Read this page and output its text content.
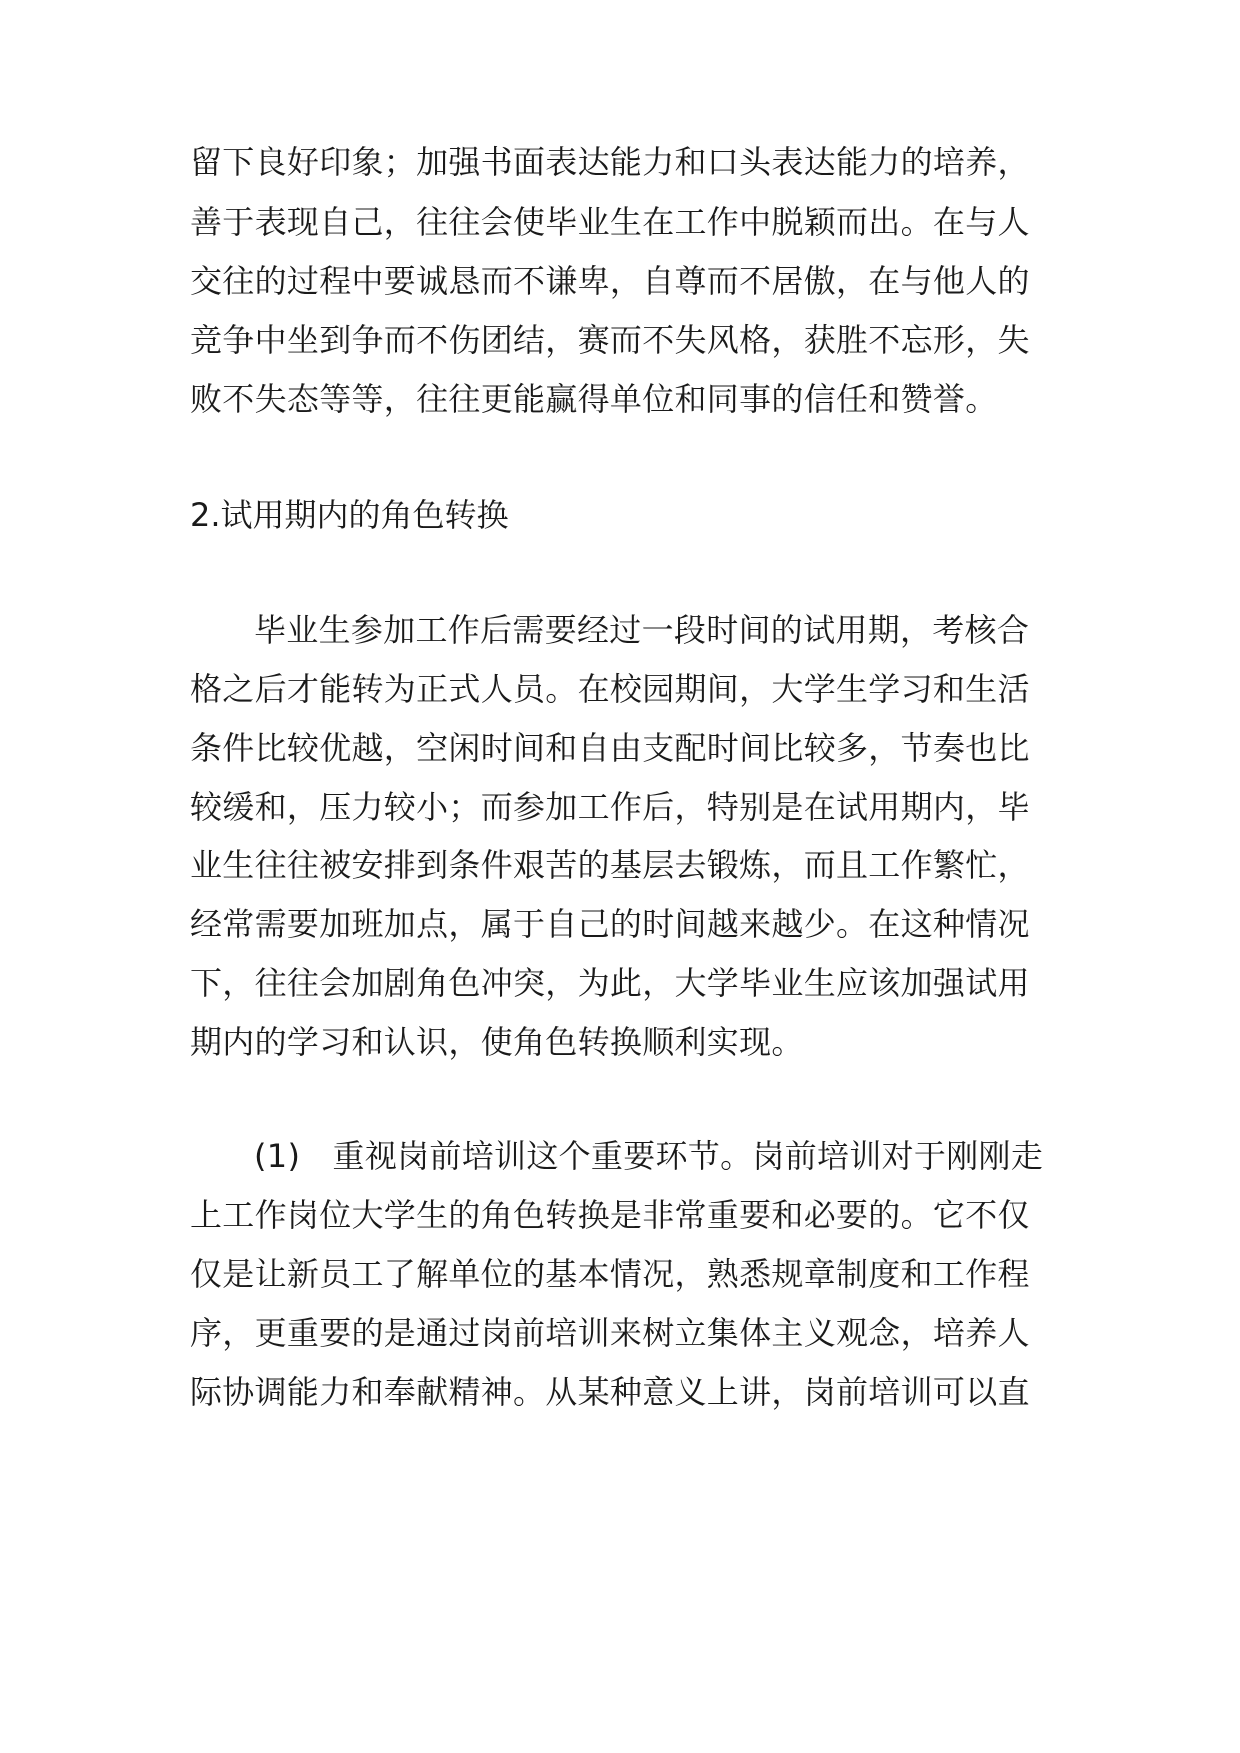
留下良好印象；加强书面表达能力和口头表达能力的培养，
善于表现自己，往往会使毕业生在工作中脱颖而出。在与人
交往的过程中要诚恳而不谦卑，自尊而不居傲，在与他人的
竞争中坐到争而不伤团结，赛而不失风格，获胜不忘形，失
败不失态等等，往往更能赢得单位和同事的信任和赞誉。
2.试用期内的角色转换
毕业生参加工作后需要经过一段时间的试用期，考核合
格之后才能转为正式人员。在校园期间，大学生学习和生活
条件比较优越，空闲时间和自由支配时间比较多，节奏也比
较缓和，压力较小；而参加工作后，特别是在试用期内，毕
业生往往被安排到条件艰苦的基层去锻炼，而且工作繁忙，
经常需要加班加点，属于自己的时间越来越少。在这种情况
下，往往会加剧角色冲突，为此，大学毕业生应该加强试用
期内的学习和认识，使角色转换顺利实现。
(1)　重视岗前培训这个重要环节。岗前培训对于刚刚走
上工作岗位大学生的角色转换是非常重要和必要的。它不仅
仅是让新员工了解单位的基本情况，熟悉规章制度和工作程
序，更重要的是通过岗前培训来树立集体主义观念，培养人
际协调能力和奉献精神。从某种意义上讲，岗前培训可以直
